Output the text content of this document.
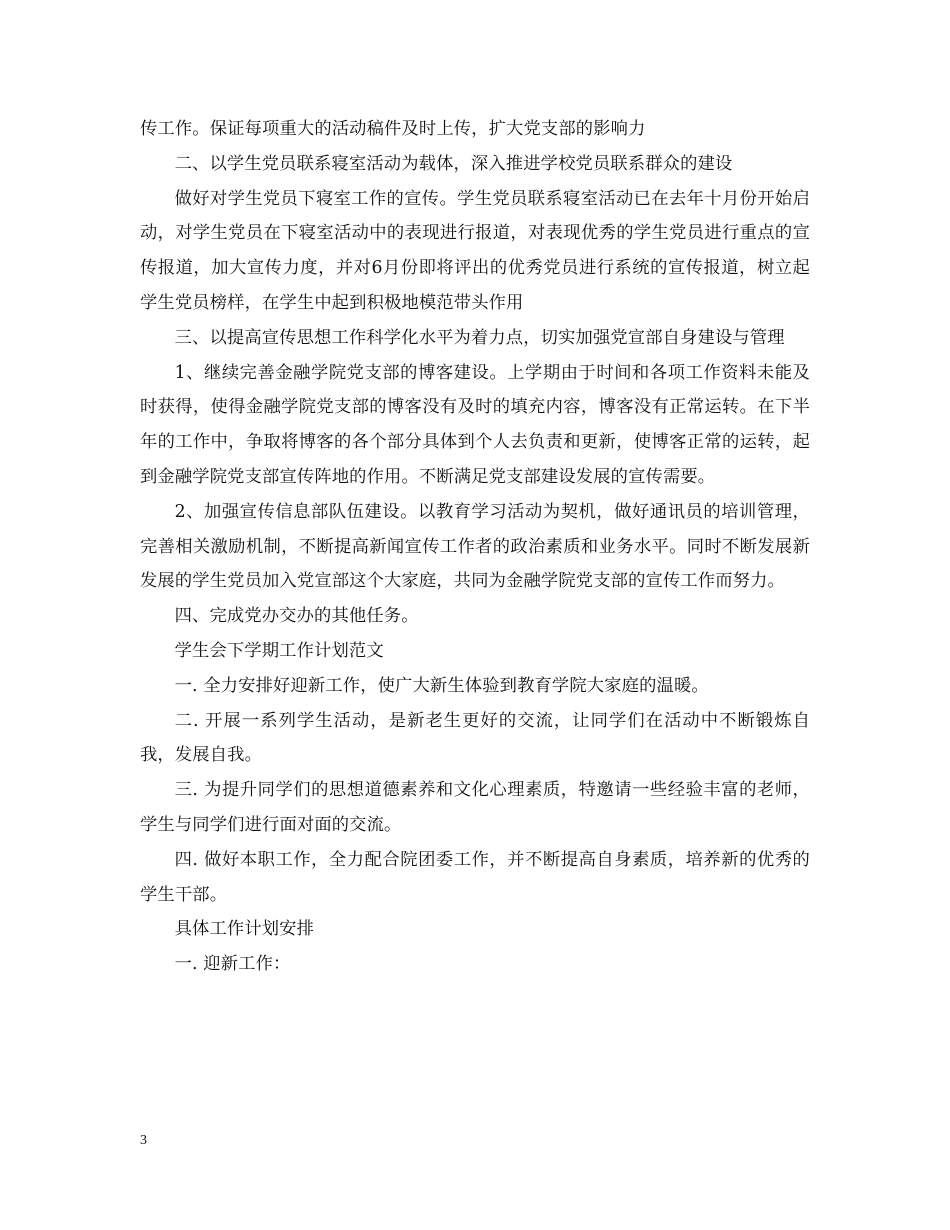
传工作。保证每项重大的活动稿件及时上传，扩大党支部的影响力

二、以学生党员联系寝室活动为载体，深入推进学校党员联系群众的建设

做好对学生党员下寝室工作的宣传。学生党员联系寝室活动已在去年十月份开始启动，对学生党员在下寝室活动中的表现进行报道，对表现优秀的学生党员进行重点的宣传报道，加大宣传力度，并对6月份即将评出的优秀党员进行系统的宣传报道，树立起学生党员榜样，在学生中起到积极地模范带头作用

三、以提高宣传思想工作科学化水平为着力点，切实加强党宣部自身建设与管理

1、继续完善金融学院党支部的博客建设。上学期由于时间和各项工作资料未能及时获得，使得金融学院党支部的博客没有及时的填充内容，博客没有正常运转。在下半年的工作中，争取将博客的各个部分具体到个人去负责和更新，使博客正常的运转，起到金融学院党支部宣传阵地的作用。不断满足党支部建设发展的宣传需要。

2、加强宣传信息部队伍建设。以教育学习活动为契机，做好通讯员的培训管理，完善相关激励机制，不断提高新闻宣传工作者的政治素质和业务水平。同时不断发展新发展的学生党员加入党宣部这个大家庭，共同为金融学院党支部的宣传工作而努力。

四、完成党办交办的其他任务。

学生会下学期工作计划范文

一. 全力安排好迎新工作，使广大新生体验到教育学院大家庭的温暖。

二. 开展一系列学生活动，是新老生更好的交流，让同学们在活动中不断锻炼自我，发展自我。

三. 为提升同学们的思想道德素养和文化心理素质，特邀请一些经验丰富的老师，学生与同学们进行面对面的交流。

四. 做好本职工作，全力配合院团委工作，并不断提高自身素质，培养新的优秀的学生干部。

具体工作计划安排

一. 迎新工作：

3
